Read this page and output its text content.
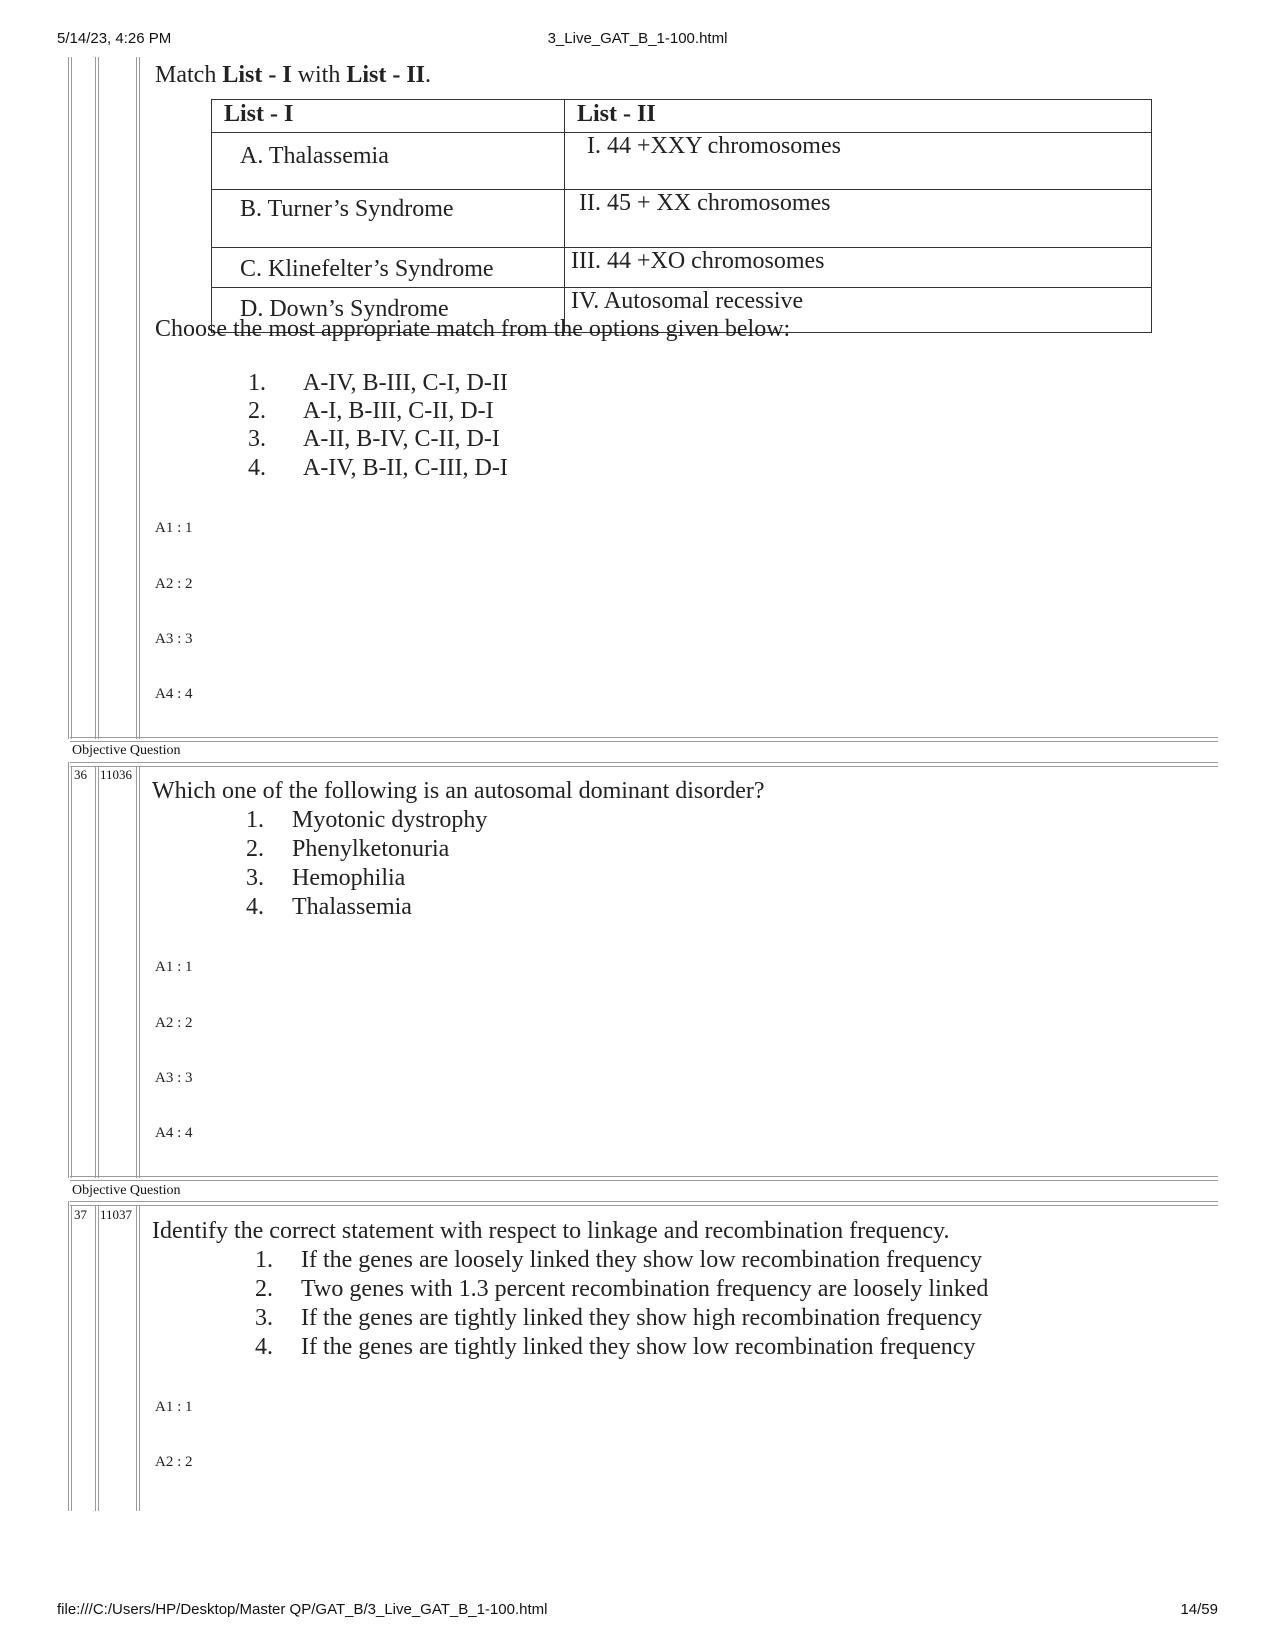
5/14/23, 4:26 PM	3_Live_GAT_B_1-100.html
Objective Question
36 11036
Objective Question
37 11037
Match List - I with List - II.
List - I	List - II
A. Thalassemia	I. 44 +XXY chromosomes
B. Turner’s Syndrome	II. 45 + XX chromosomes
C. Klinefelter’s Syndrome	III. 44 +XO chromosomes
D. Down’s Syndrome	IV. Autosomal recessive
Choose the most appropriate match from the options given below:
1. A-IV, B-III, C-I, D-II
2. A-I, B-III, C-II, D-I
3. A-II, B-IV, C-II, D-I
4. A-IV, B-II, C-III, D-I
A1 : 1
A2 : 2
A3 : 3
A4 : 4
Which one of the following is an autosomal dominant disorder?
1. Myotonic dystrophy
2. Phenylketonuria
3. Hemophilia
4. Thalassemia
A1 : 1
A2 : 2
A3 : 3
A4 : 4
Identify the correct statement with respect to linkage and recombination frequency.
1. If the genes are loosely linked they show low recombination frequency
2. Two genes with 1.3 percent recombination frequency are loosely linked
3. If the genes are tightly linked they show high recombination frequency
4. If the genes are tightly linked they show low recombination frequency
A1 : 1
A2 : 2
file:///C:/Users/HP/Desktop/Master QP/GAT_B/3_Live_GAT_B_1-100.html	14/59
